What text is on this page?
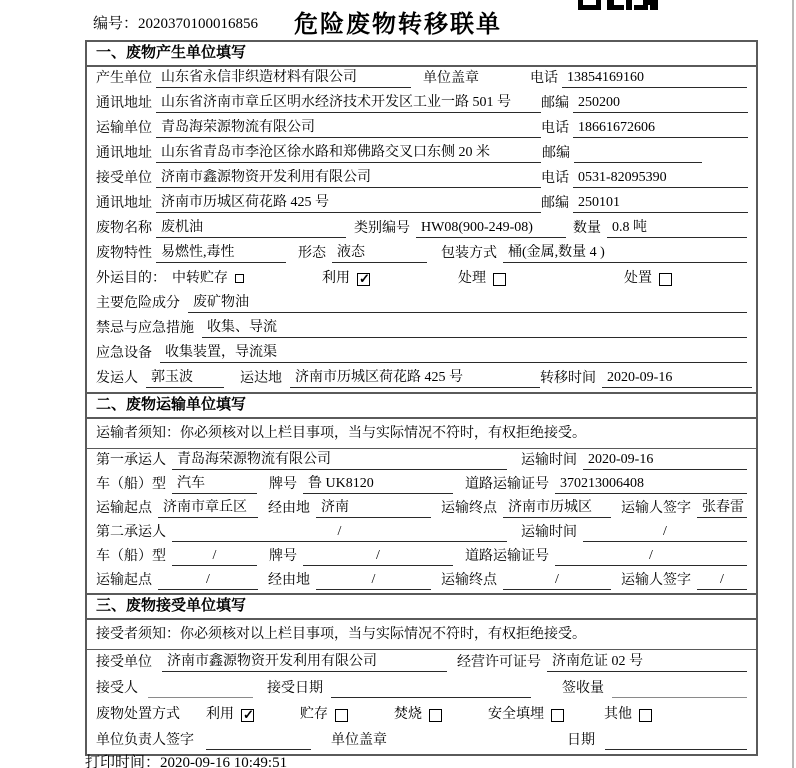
编号：2020370100016856	危险废物转移联单
一、废物产生单位填写
产生单位 山东省永信非织造材料有限公司	单位盖章	电话 13854169160
通讯地址 山东省济南市章丘区明水经济技术开发区工业一路 501 号	邮编 250200
运输单位 青岛海荣源物流有限公司	电话 18661672606
通讯地址 山东省青岛市李沧区徐水路和郑佛路交叉口东侧 20 米	邮编
接受单位 济南市鑫源物资开发利用有限公司	电话 0531-82095390
通讯地址 济南市历城区荷花路 425 号	邮编 250101
废物名称 废机油	类别编号 HW08(900-249-08)	数量 0.8 吨
废物特性 易燃性,毒性	形态 液态	包装方式 桶(金属,数量 4 )
外运目的： 中转贮存	利用 ✓	处理	处置
主要危险成分 废矿物油
禁忌与应急措施 收集、导流
应急设备 收集装置，导流渠
发运人 郭玉波	运达地 济南市历城区荷花路 425 号	转移时间 2020-09-16
二、废物运输单位填写
运输者须知：你必须核对以上栏目事项，当与实际情况不符时，有权拒绝接受。
第一承运人 青岛海荣源物流有限公司	运输时间 2020-09-16
车（船）型 汽车	牌号 鲁 UK8120	道路运输证号 370213006408
运输起点 济南市章丘区	经由地 济南	运输终点 济南市历城区	运输人签字 张春雷
第二承运人	/	运输时间	/
车（船）型	/	牌号	/	道路运输证号	/
运输起点	/	经由地	/	运输终点	/	运输人签字	/
三、废物接受单位填写
接受者须知：你必须核对以上栏目事项，当与实际情况不符时，有权拒绝接受。
接受单位	济南市鑫源物资开发利用有限公司	经营许可证号 济南危证 02 号
接受人	接受日期	签收量
废物处置方式 利用 ✓	贮存	焚烧	安全填埋	其他
单位负责人签字	单位盖章	日期
打印时间：2020-09-16 10:49:51
